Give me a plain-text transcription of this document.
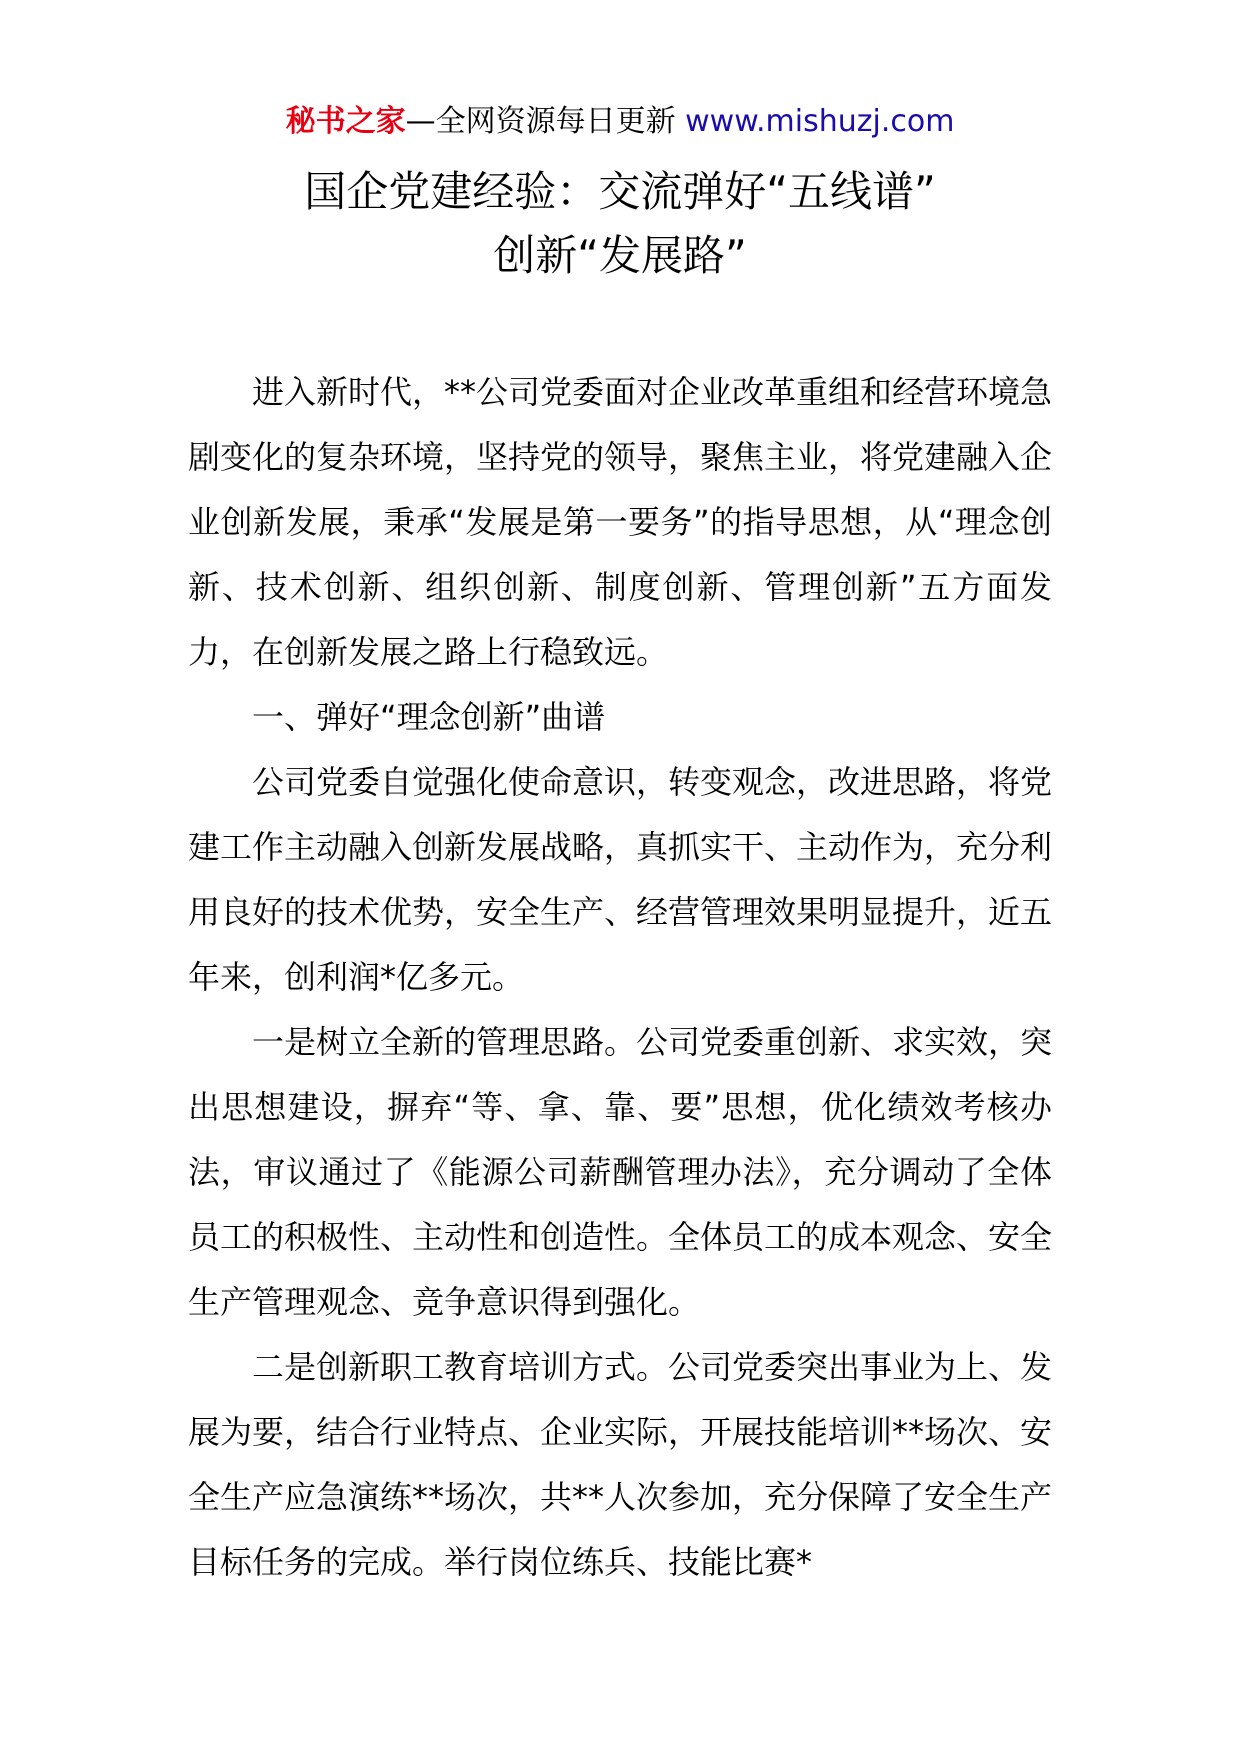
秘书之家—全网资源每日更新 www.mishuzj.com
国企党建经验：交流弹好“五线谱”
创新“发展路”

进入新时代，**公司党委面对企业改革重组和经营环境急剧变化的复杂环境，坚持党的领导，聚焦主业，将党建融入企业创新发展，秉承“发展是第一要务”的指导思想，从“理念创新、技术创新、组织创新、制度创新、管理创新”五方面发力，在创新发展之路上行稳致远。

一、弹好“理念创新”曲谱

公司党委自觉强化使命意识，转变观念，改进思路，将党建工作主动融入创新发展战略，真抓实干、主动作为，充分利用良好的技术优势，安全生产、经营管理效果明显提升，近五年来，创利润*亿多元。

一是树立全新的管理思路。公司党委重创新、求实效，突出思想建设，摒弃“等、拿、靠、要”思想，优化绩效考核办法，审议通过了《能源公司薪酬管理办法》，充分调动了全体员工的积极性、主动性和创造性。全体员工的成本观念、安全生产管理观念、竞争意识得到强化。

二是创新职工教育培训方式。公司党委突出事业为上、发展为要，结合行业特点、企业实际，开展技能培训**场次、安全生产应急演练**场次，共**人次参加，充分保障了安全生产目标任务的完成。举行岗位练兵、技能比赛*
